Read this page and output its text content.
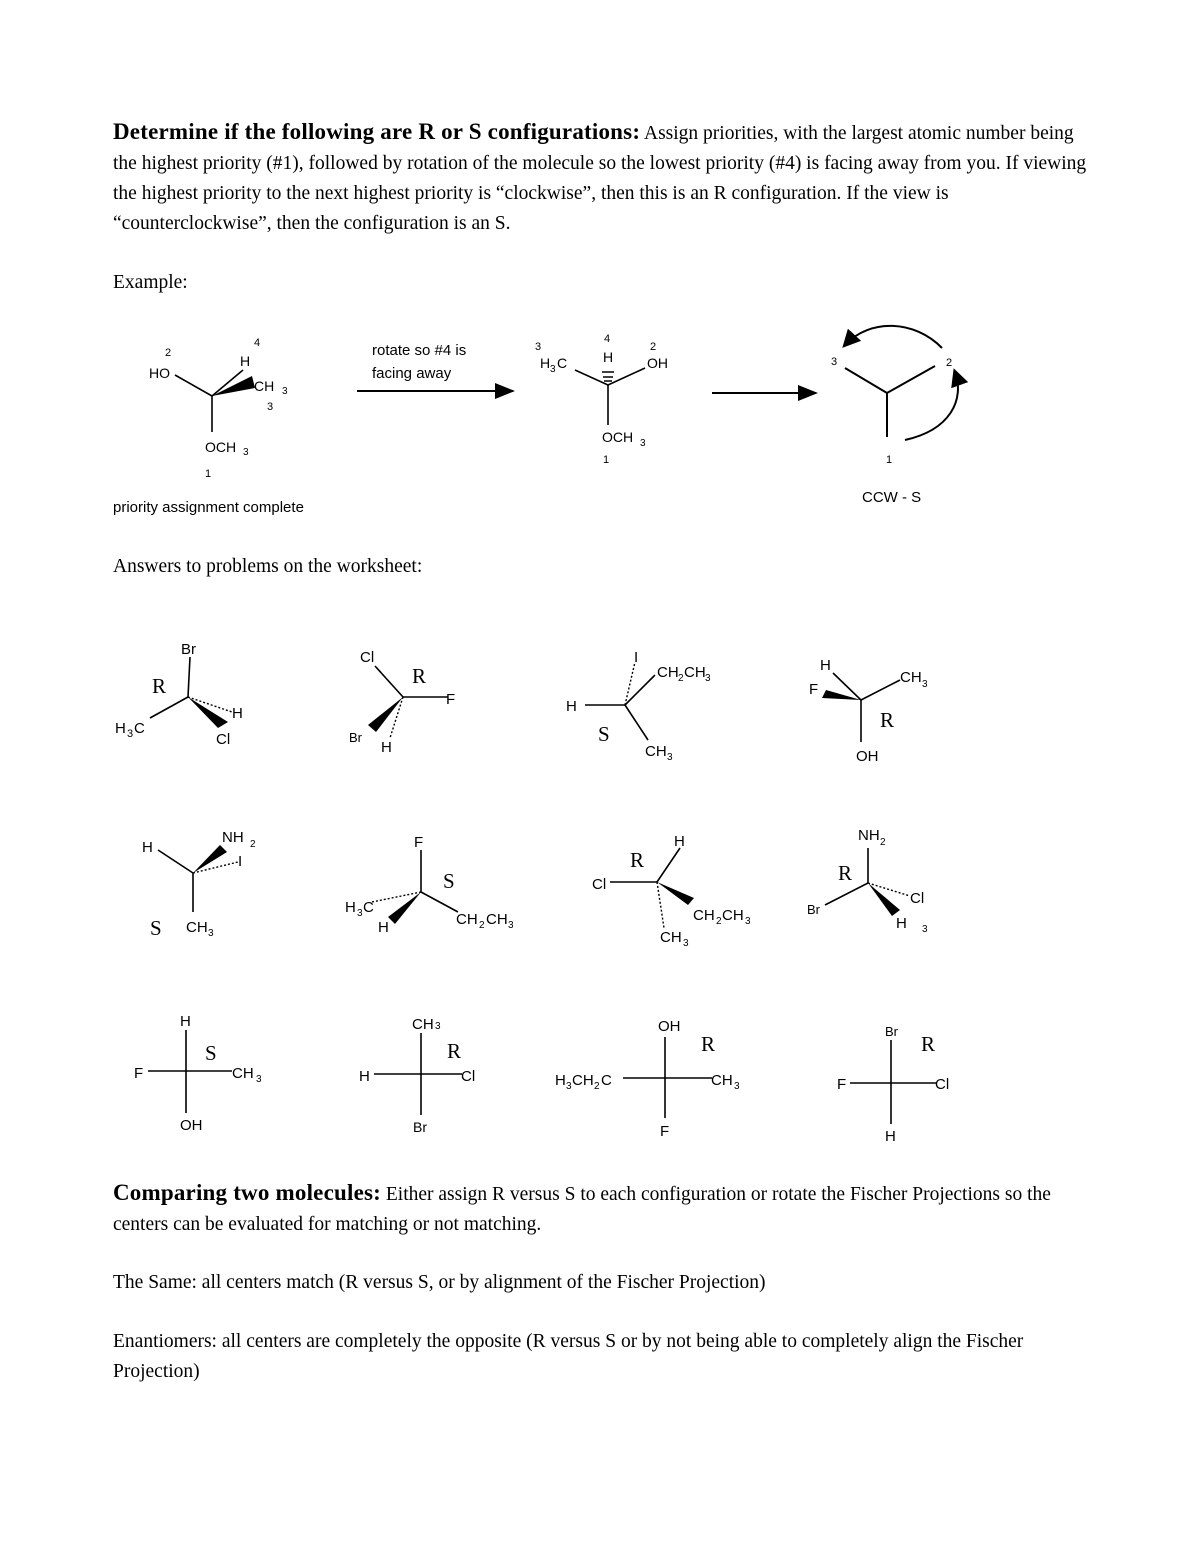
Determine if the following are R or S configurations: Assign priorities, with the largest atomic number being the highest priority (#1), followed by rotation of the molecule so the lowest priority (#4) is facing away from you. If viewing the highest priority to the next highest priority is “clockwise”, then this is an R configuration. If the view is “counterclockwise”, then the configuration is an S.
Example:
Answers to problems on the worksheet:
Comparing two molecules: Either assign R versus S to each configuration or rotate the Fischer Projections so the centers can be evaluated for matching or not matching.
The Same: all centers match (R versus S, or by alignment of the Fischer Projection)
Enantiomers: all centers are completely the opposite (R versus S or by not being able to completely align the Fischer Projection)
2
HO
4
H
CH 3
3
OCH 3
1
rotate so #4 is
facing away
priority assignment complete
3
H 3 C
4
H
2
OH
OCH 3
1
3	2
1
CCW - S
Br
R
H 3 C
H
Cl
Cl
R
F
Br
H
I
H
S
CH 2 CH 3
CH 3
H
F
CH 3
R
OH
H
NH 2
I
S CH 3
F
S
H 3 C
H	CH 2 CH 3
H
R
Cl
CH 2 CH 3
CH 3
NH 2
R
Br
Cl
H 3
H
S
F	CH 3
OH
CH 3
R
H	Cl
Br
OH
R
H 3 CH 2 C	CH 3
F
Br
R
F	Cl
H
